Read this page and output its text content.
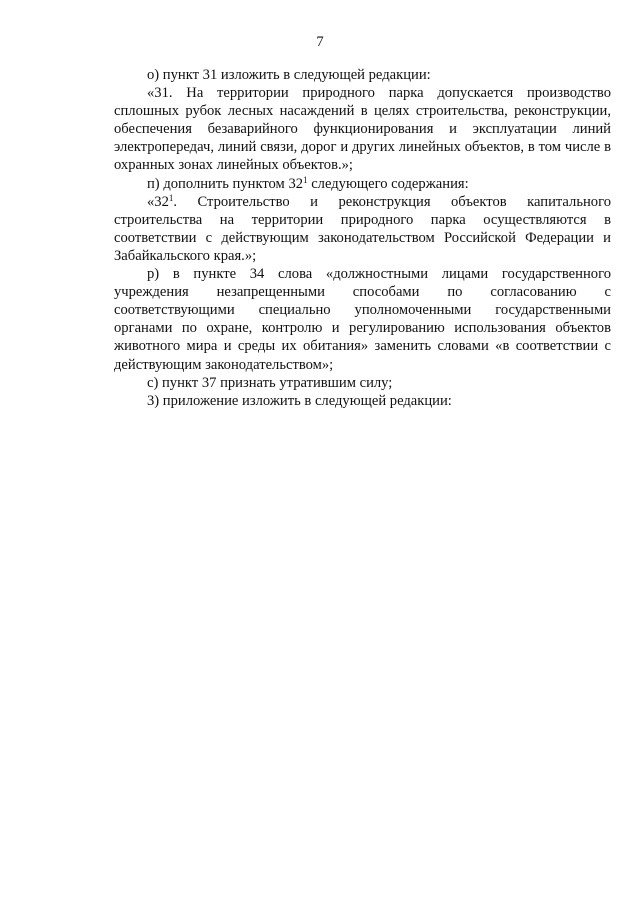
7

о) пункт 31 изложить в следующей редакции:

«31. На территории природного парка допускается производство сплошных рубок лесных насаждений в целях строительства, реконструкции, обеспечения безаварийного функционирования и эксплуатации линий электропередач, линий связи, дорог и других линейных объектов, в том числе в охранных зонах линейных объектов.»;

п) дополнить пунктом $32^1$ следующего содержания:

«$32^1$. Строительство и реконструкция объектов капитального строительства на территории природного парка осуществляются в соответствии с действующим законодательством Российской Федерации и Забайкальского края.»;

р) в пункте 34 слова «должностными лицами государственного учреждения незапрещенными способами по согласованию с соответствующими специально уполномоченными государственными органами по охране, контролю и регулированию использования объектов животного мира и среды их обитания» заменить словами «в соответствии с действующим законодательством»;

с) пункт 37 признать утратившим силу;

3) приложение изложить в следующей редакции:
